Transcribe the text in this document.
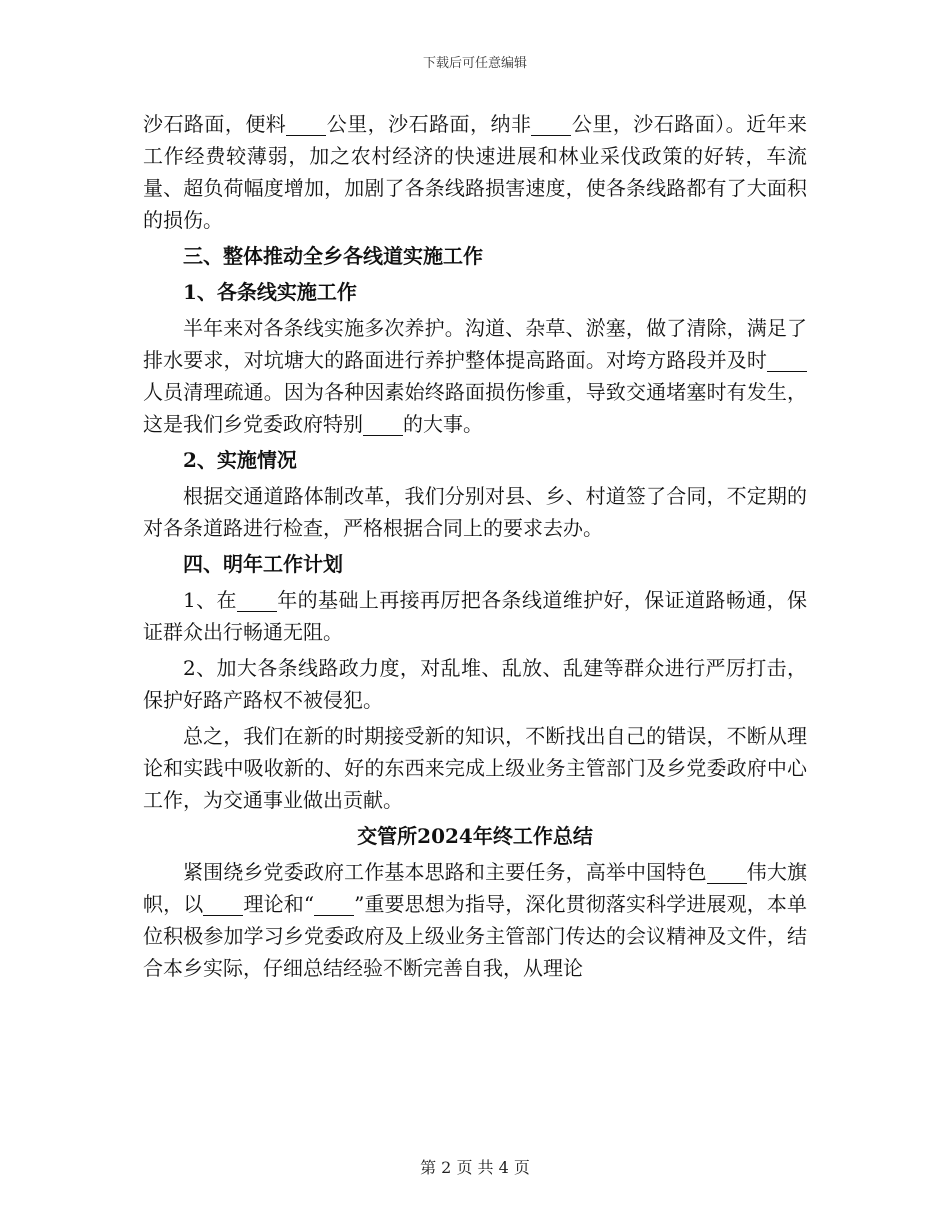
下载后可任意编辑

沙石路面，便料 公里，沙石路面，纳非 公里，沙石路面）。近年来工作经费较薄弱，加之农村经济的快速进展和林业采伐政策的好转，车流量、超负荷幅度增加，加剧了各条线路损害速度，使各条线路都有了大面积的损伤。

三、整体推动全乡各线道实施工作

1、各条线实施工作

半年来对各条线实施多次养护。沟道、杂草、淤塞，做了清除，满足了排水要求，对坑塘大的路面进行养护整体提高路面。对垮方路段并及时人员清理疏通。因为各种因素始终路面损伤惨重，导致交通堵塞时有发生，这是我们乡党委政府特别 的大事。

2、实施情况

根据交通道路体制改革，我们分别对县、乡、村道签了合同，不定期的对各条道路进行检查，严格根据合同上的要求去办。

四、明年工作计划

1、在 年的基础上再接再厉把各条线道维护好，保证道路畅通，保证群众出行畅通无阻。

2、加大各条线路政力度，对乱堆、乱放、乱建等群众进行严厉打击，保护好路产路权不被侵犯。

总之，我们在新的时期接受新的知识，不断找出自己的错误，不断从理论和实践中吸收新的、好的东西来完成上级业务主管部门及乡党委政府中心工作，为交通事业做出贡献。

交管所2024年终工作总结

紧围绕乡党委政府工作基本思路和主要任务，高举中国特色 伟大旗帜，以 理论和“ ”重要思想为指导，深化贯彻落实科学进展观，本单位积极参加学习乡党委政府及上级业务主管部门传达的会议精神及文件，结合本乡实际，仔细总结经验不断完善自我，从理论

第 2 页 共 4 页
